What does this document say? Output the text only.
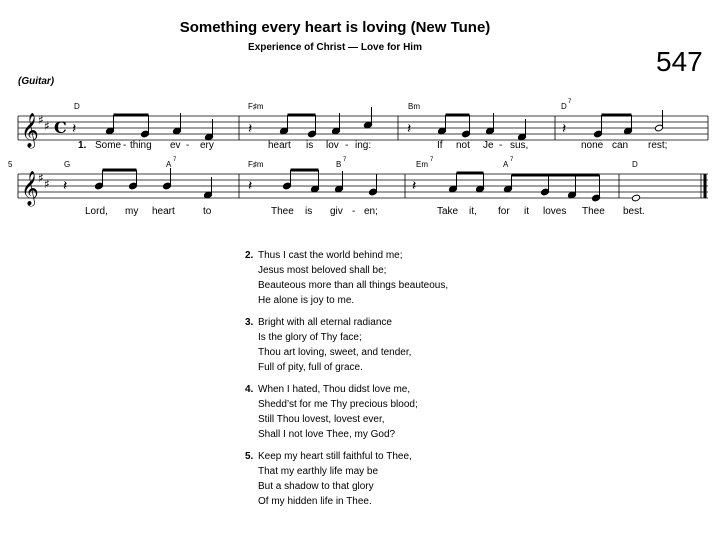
Something every heart is loving (New Tune)
Experience of Christ — Love for Him	547
(Guitar)
𝄞
𝄞
♯ ♯
♯ ♯
C 𝄽	𝄽	𝄽	𝄽
𝄽	𝄽	𝄽
D	F♯m	Bm	D 7
G	A 7	F♯m	B 7	Em 7	A 7	D
5
1. Some - thing ev - ery	heart is lov - ing:	If not Je - sus,	none can rest;
Lord, my heart	to	Thee is giv - en;	Take it, for it loves Thee best.
2. Thus I cast the world behind me;
Jesus most beloved shall be;
Beauteous more than all things beauteous,
He alone is joy to me.
3. Bright with all eternal radiance
Is the glory of Thy face;
Thou art loving, sweet, and tender,
Full of pity, full of grace.
4. When I hated, Thou didst love me,
Shedd’st for me Thy precious blood;
Still Thou lovest, lovest ever,
Shall I not love Thee, my God?
5. Keep my heart still faithful to Thee,
That my earthly life may be
But a shadow to that glory
Of my hidden life in Thee.
